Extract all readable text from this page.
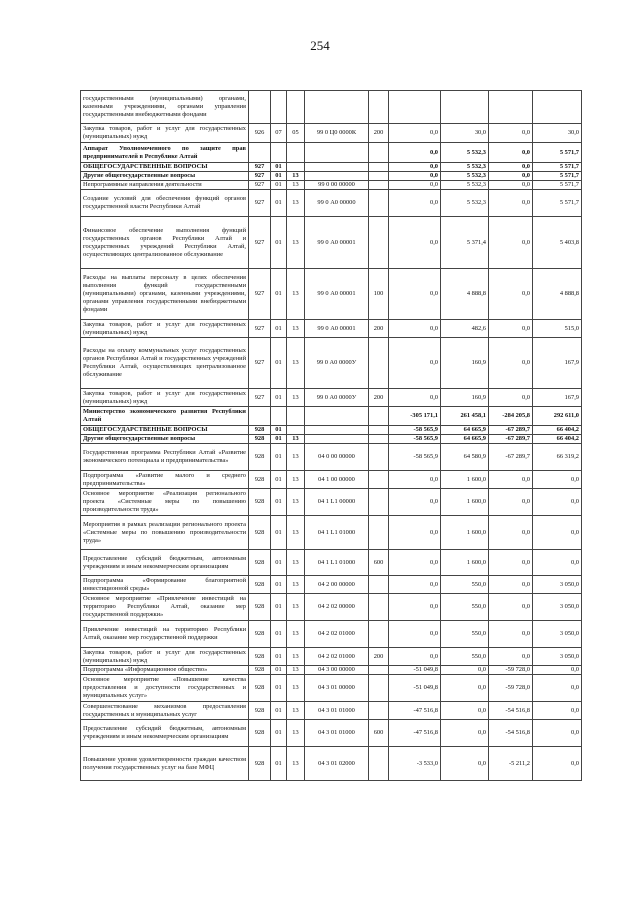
254
государственными (муниципальными) органами, казенными учреждениями, органами управления государственными внебюджетными фондами									
Закупка товаров, работ и услуг для государственных (муниципальных) нужд	926	07	05	99 0 Ц0 0000К	200	0,0	30,0	0,0	30,0
Аппарат Уполномоченного по защите прав предпринимателей в Республике Алтай						0,0	5 532,3	0,0	5 571,7
ОБЩЕГОСУДАРСТВЕННЫЕ ВОПРОСЫ	927	01				0,0	5 532,3	0,0	5 571,7
Другие общегосударственные вопросы	927	01	13			0,0	5 532,3	0,0	5 571,7
Непрограммные направления деятельности	927	01	13	99 0 00 00000		0,0	5 532,3	0,0	5 571,7
Создание условий для обеспечения функций органов государственной власти Республики Алтай	927	01	13	99 0 А0 00000		0,0	5 532,3	0,0	5 571,7
Финансовое обеспечение выполнения функций государственных органов Республики Алтай и государственных учреждений Республики Алтай, осуществляющих централизованное обслуживание	927	01	13	99 0 А0 00001		0,0	5 371,4	0,0	5 403,8
Расходы на выплаты персоналу в целях обеспечения выполнения функций государственными (муниципальными) органами, казенными учреждениями, органами управления государственными внебюджетными фондами	927	01	13	99 0 А0 00001	100	0,0	4 888,8	0,0	4 888,8
Закупка товаров, работ и услуг для государственных (муниципальных) нужд	927	01	13	99 0 А0 00001	200	0,0	482,6	0,0	515,0
Расходы на оплату коммунальных услуг государственных органов Республики Алтай и государственных учреждений Республики Алтай, осуществляющих централизованное обслуживание	927	01	13	99 0 А0 0000У		0,0	160,9	0,0	167,9
Закупка товаров, работ и услуг для государственных (муниципальных) нужд	927	01	13	99 0 А0 0000У	200	0,0	160,9	0,0	167,9
Министерство экономического развития Республики Алтай						-305 171,1	261 458,1	-284 205,8	292 611,0
ОБЩЕГОСУДАРСТВЕННЫЕ ВОПРОСЫ	928	01				-58 565,9	64 665,9	-67 289,7	66 404,2
Другие общегосударственные вопросы	928	01	13			-58 565,9	64 665,9	-67 289,7	66 404,2
Государственная программа Республики Алтай «Развитие экономического потенциала и предпринимательства»	928	01	13	04 0 00 00000		-58 565,9	64 580,9	-67 289,7	66 319,2
Подпрограмма «Развитие малого и среднего предпринимательства»	928	01	13	04 1 00 00000		0,0	1 600,0	0,0	0,0
Основное мероприятие «Реализация регионального проекта «Системные меры по повышению производительности труда»	928	01	13	04 1 L1 00000		0,0	1 600,0	0,0	0,0
Мероприятия в рамках реализации регионального проекта «Системные меры по повышению производительности труда»	928	01	13	04 1 L1 01000		0,0	1 600,0	0,0	0,0
Предоставление субсидий бюджетным, автономным учреждениям и иным некоммерческим организациям	928	01	13	04 1 L1 01000	600	0,0	1 600,0	0,0	0,0
Подпрограмма «Формирование благоприятной инвестиционной среды»	928	01	13	04 2 00 00000		0,0	550,0	0,0	3 050,0
Основное мероприятие «Привлечение инвестиций на территорию Республики Алтай, оказание мер государственной поддержки»	928	01	13	04 2 02 00000		0,0	550,0	0,0	3 050,0
Привлечение инвестиций на территорию Республики Алтай, оказание мер государственной поддержки	928	01	13	04 2 02 01000		0,0	550,0	0,0	3 050,0
Закупка товаров, работ и услуг для государственных (муниципальных) нужд	928	01	13	04 2 02 01000	200	0,0	550,0	0,0	3 050,0
Подпрограмма «Информационное общество»	928	01	13	04 3 00 00000		-51 049,8	0,0	-59 728,0	0,0
Основное мероприятие «Повышение качества предоставления и доступности государственных и муниципальных услуг»	928	01	13	04 3 01 00000		-51 049,8	0,0	-59 728,0	0,0
Совершенствование механизмов предоставления государственных и муниципальных услуг	928	01	13	04 3 01 01000		-47 516,8	0,0	-54 516,8	0,0
Предоставление субсидий бюджетным, автономным учреждениям и иным некоммерческим организациям	928	01	13	04 3 01 01000	600	-47 516,8	0,0	-54 516,8	0,0
Повышение уровня удовлетворенности граждан качеством получения государственных услуг на базе МФЦ	928	01	13	04 3 01 02000		-3 533,0	0,0	-5 211,2	0,0
